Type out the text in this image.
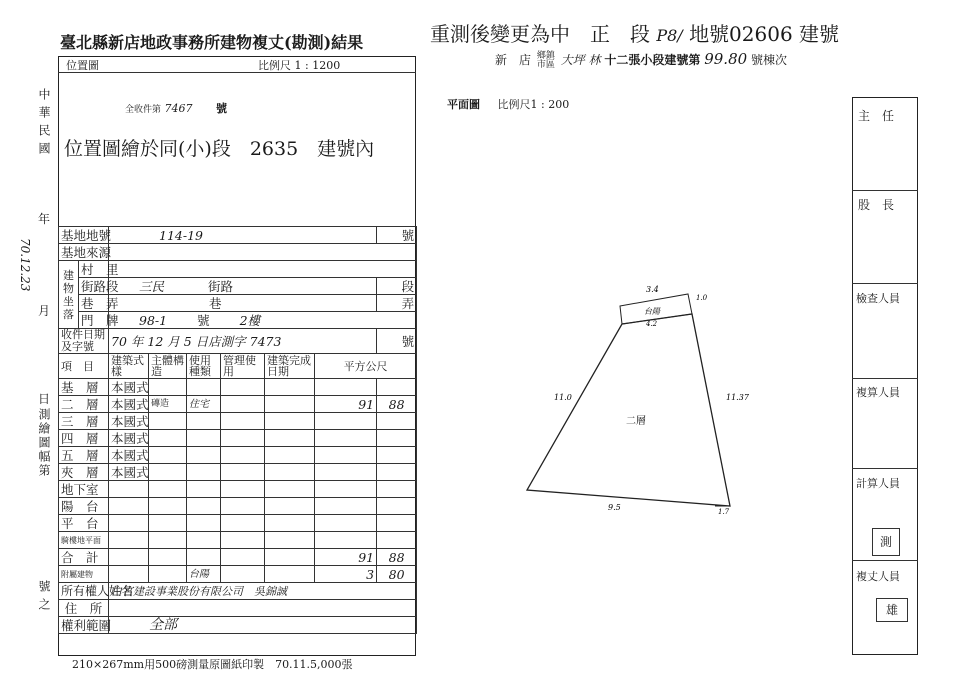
臺北縣新店地政事務所建物複丈(勘測)結果	重測後變更為中　正　段 P8/ 地號02606 建號
新　店 鄉鎮
市區 大坪 林 十二張小段建號第 99.80 號棟次
中華民國
年
70.12.23
月
日
測繪圖幅第
號之
位置圖	比例尺 1 : 1200
全收件第 7467 號
位置圖繪於同(小)段　2635　建號內
基地地號		114-19						號
基地來源								
建物坐落	村　里							
	街路段	三民 街路						段
	巷　弄	巷						弄
	門　牌	98-1 號 2樓						
收件日期及字號		70 年 12 月 5 日店測字 7473						號
項　目		建築式樣	主體構造	使用種類	管理使用	建築完成日期	平方公尺	
基　層		本國式						
二　層		本國式	磚造	住宅			91	88
三　層		本國式						
四　層		本國式						
五　層		本國式						
夾　層		本國式						
地下室								
陽　台								
平　台								
騎樓地平面								
合　計							91	88
附屬建物				台陽			3	80
所有權人姓名		白宮建設事業股份有限公司　吳錦誠						
住　所								
權利範圍		全部						
210×267mm用500磅測量原圖紙印製　70.11.5,000張
平面圖 比例尺1 : 200
台陽
3.4
1.0
4.2
11.0	11.37
二層
9.5	1.7
主　任
股　長
檢查人員
複算人員
計算人員
複丈人員
測
雄
